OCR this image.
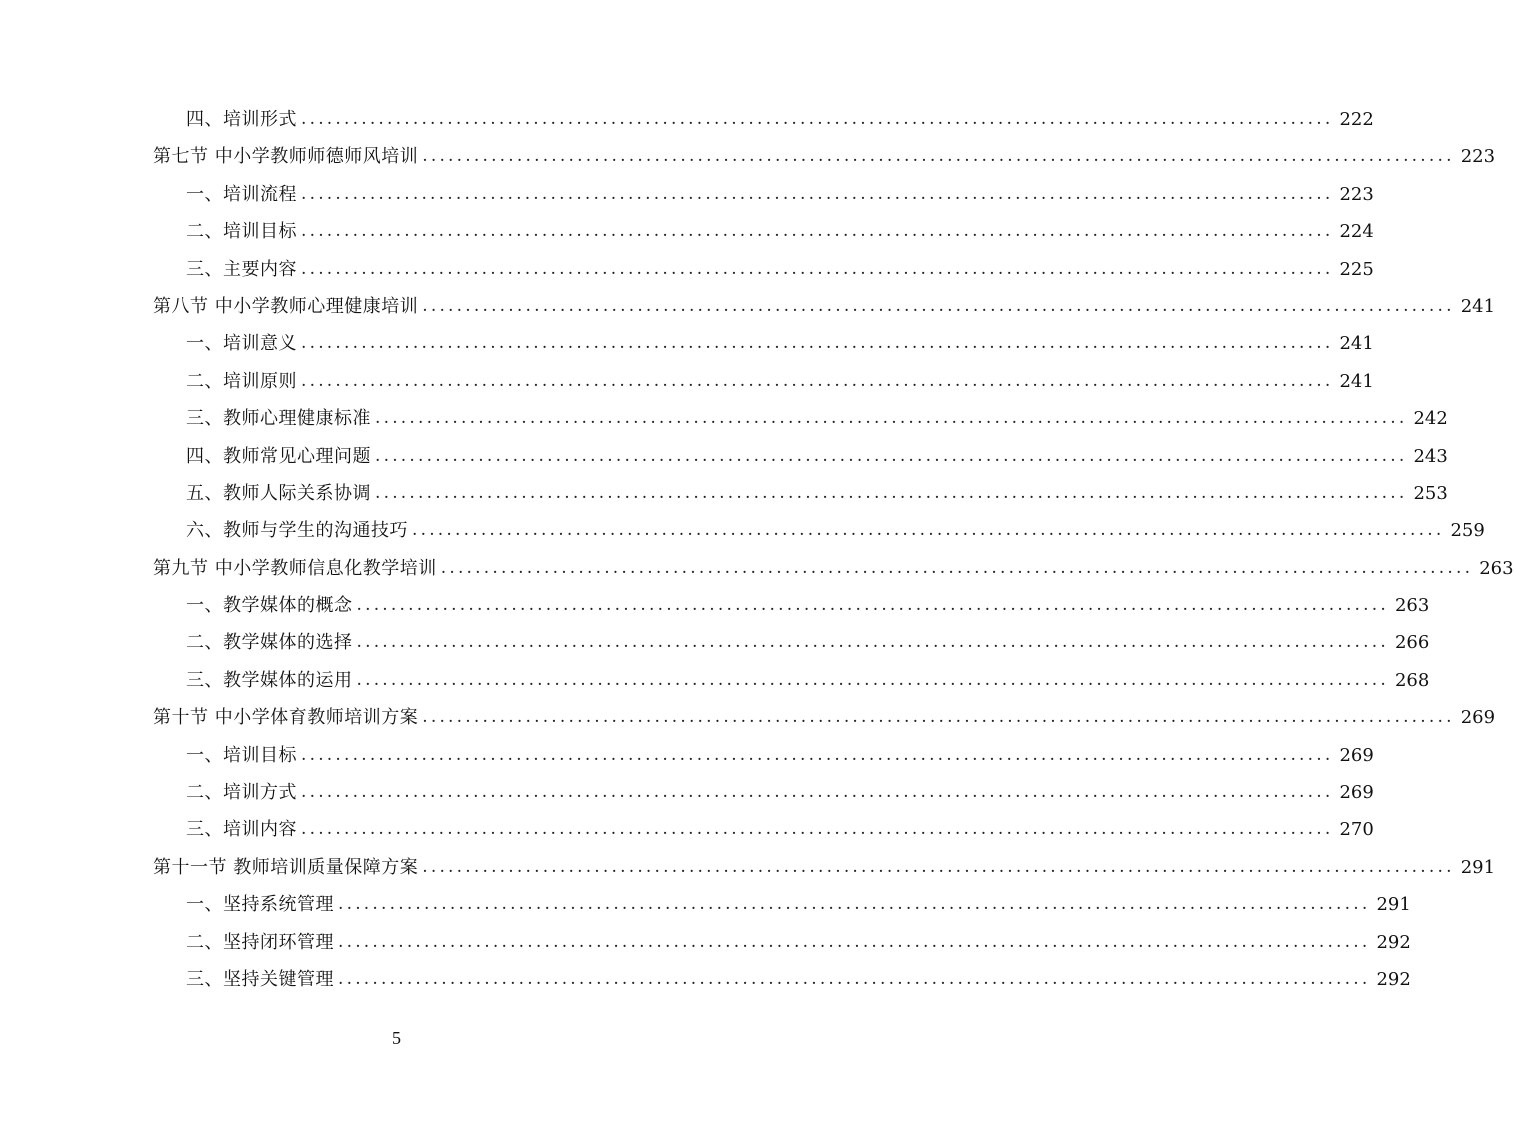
四、培训形式 ........................................................................................................................ 222
第七节 中小学教师师德师风培训 ........................................................................................................................ 223
一、培训流程 ........................................................................................................................ 223
二、培训目标 ........................................................................................................................ 224
三、主要内容 ........................................................................................................................ 225
第八节 中小学教师心理健康培训 ........................................................................................................................ 241
一、培训意义 ........................................................................................................................ 241
二、培训原则 ........................................................................................................................ 241
三、教师心理健康标准 ........................................................................................................................ 242
四、教师常见心理问题 ........................................................................................................................ 243
五、教师人际关系协调 ........................................................................................................................ 253
六、教师与学生的沟通技巧 ........................................................................................................................ 259
第九节 中小学教师信息化教学培训 ........................................................................................................................ 263
一、教学媒体的概念 ........................................................................................................................ 263
二、教学媒体的选择 ........................................................................................................................ 266
三、教学媒体的运用 ........................................................................................................................ 268
第十节 中小学体育教师培训方案 ........................................................................................................................ 269
一、培训目标 ........................................................................................................................ 269
二、培训方式 ........................................................................................................................ 269
三、培训内容 ........................................................................................................................ 270
第十一节 教师培训质量保障方案 ........................................................................................................................ 291
一、坚持系统管理 ........................................................................................................................ 291
二、坚持闭环管理 ........................................................................................................................ 292
三、坚持关键管理 ........................................................................................................................ 292
5
